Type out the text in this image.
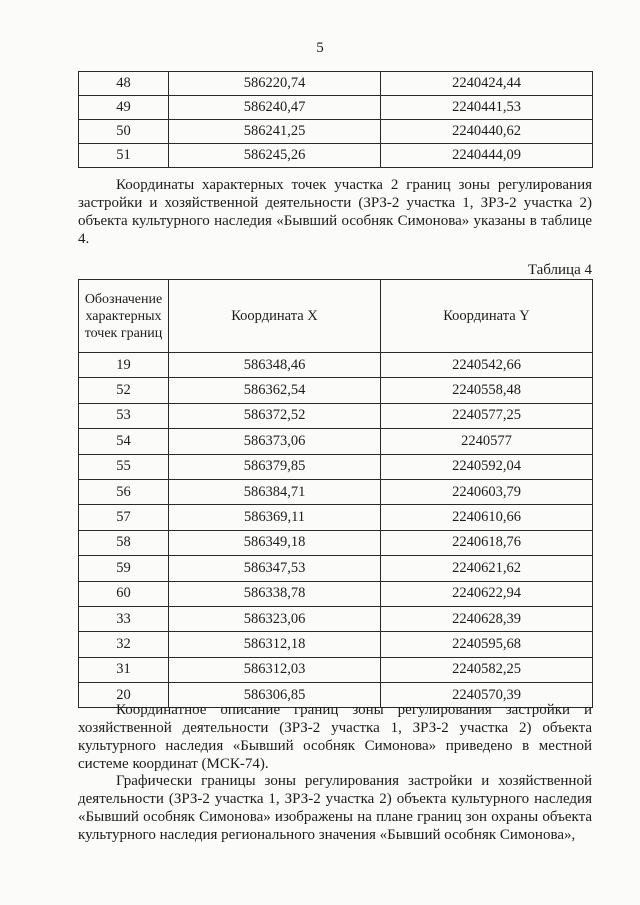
5
48	586220,74	2240424,44
49	586240,47	2240441,53
50	586241,25	2240440,62
51	586245,26	2240444,09

Координаты характерных точек участка 2 границ зоны регулирования застройки и хозяйственной деятельности (ЗРЗ-2 участка 1, ЗРЗ-2 участка 2) объекта культурного наследия «Бывший особняк Симонова» указаны в таблице 4.

Таблица 4
Обозначение характерных точек границ	Координата X	Координата Y
19	586348,46	2240542,66
52	586362,54	2240558,48
53	586372,52	2240577,25
54	586373,06	2240577
55	586379,85	2240592,04
56	586384,71	2240603,79
57	586369,11	2240610,66
58	586349,18	2240618,76
59	586347,53	2240621,62
60	586338,78	2240622,94
33	586323,06	2240628,39
32	586312,18	2240595,68
31	586312,03	2240582,25
20	586306,85	2240570,39

Координатное описание границ зоны регулирования застройки и хозяйственной деятельности (ЗРЗ-2 участка 1, ЗРЗ-2 участка 2) объекта культурного наследия «Бывший особняк Симонова» приведено в местной системе координат (МСК-74).

Графически границы зоны регулирования застройки и хозяйственной деятельности (ЗРЗ-2 участка 1, ЗРЗ-2 участка 2) объекта культурного наследия «Бывший особняк Симонова» изображены на плане границ зон охраны объекта культурного наследия регионального значения «Бывший особняк Симонова»,
